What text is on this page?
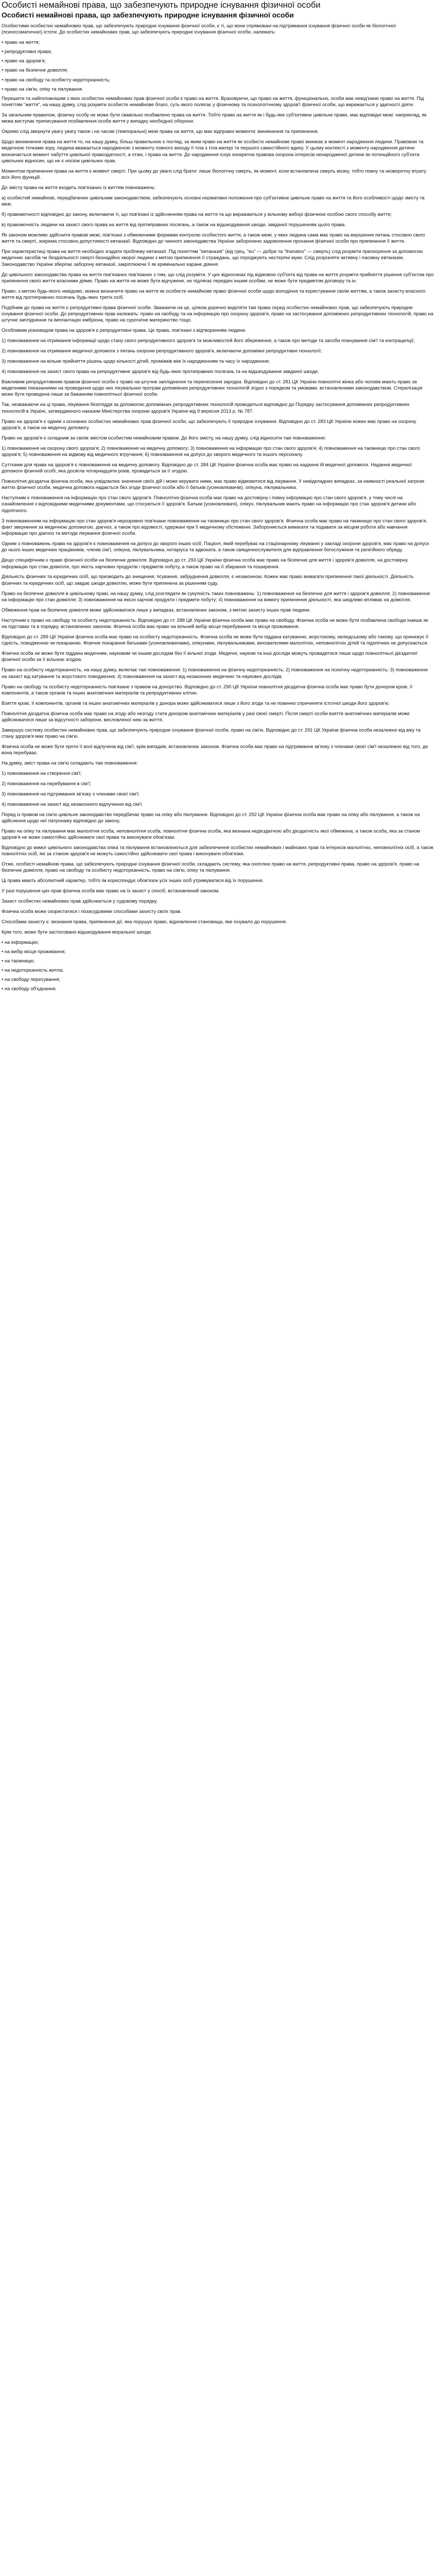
Особисті немайнові права, що забезпечують природне існування фізичної особи
Особисті немайнові права, що забезпечують природне існування фізичної особи

Особистими особистих немайнових прав, що забезпечують природне існування фізичної особи, є ті, що вони спрямовані на підтримання існування фізичної особи як біологічної (психосоматичної) істоти. До особистих немайнових прав, що забезпечують природне існування фізичної особи, належать:

• право на життя;

• репродуктивні права;

• право на здоров'я;

• право на безпечне довкілля;

• право на свободу та особисту недоторканність;

• право на сім'ю, опіку та піклування.

Перешити та найголовнішим з яких особистих немайнових прав фізичної особи є право на життя. Враховуючи, що право на життя, функціонально, особи має невід'ємне право на життя. Під поняттям "життя", на нашу думку, слід розуміти особисте немайнове благо, суть якого полягає у фізичному та психологічному здоров'ї фізичної особи, що виражається у здатності діяти.

За загальним правилом, фізичну особу не може бути свавільно позбавлено права на життя. Тобто право на життя як і будь-яке суб'єктивне цивільне право, має відповідні межі: наприклад, як межа виступає приписування позбавлення особи життя у випадку необхідної оборони.

Окремо слід звернути увагу увагу також і на часові (темпоральні) межі права на життя, що має відправні моменти: виникнення та припинення.

Щодо виникнення права на життя то, на нашу думку, більш правильною є погляд, за яким право на життя як особисте немайнове право виникає в момент народження людини. Правовою та медичною точками зору, людина вважається народженою з моменту повного виходу її тіла з тіла матері та першого самостійного вдиху. У цьому контексті з моменту народження дитини визначається момент набуття цивільної правоздатності, а отже, і права на життя. До народження існує конкретна правова охорона інтересів ненародженої дитини як потенційного суб'єкта цивільних відносин, що не є носієм цивільних прав.

Моментом припинення права на життя є момент смерті. При цьому до уваги слід брати: лише біологічну смерть, як момент, коли встановлена смерть мозку, тобто повну та незворотну втрату всіх його функцій.

До змісту права на життя входить пов'язаних із життям повноважень:

а) особистий немайнові, передбачених цивільним законодавством, забезпечують основні нормативні положення про суб'єктивне цивільне право на життя та його особливості щодо змісту та меж;

б) правомочності відповідно до закону, включаючи ті, що пов'язані із здійсненням права на життя та що виражаються у вільному виборі фізичною особою свого способу життя;

в) правомочність людини на захист свого права на життя від протиправних посягань, а також на відшкодування шкоди, завданої порушенням цього права.

Як законом можливо здійснити правові межі, пов'язані з обмеженими формами контролю особистого життя, а також межі, у яких людина сама має право на вирішення питань стосовно свого життя та смерті, зокрема стосовно допустимості евтаназії. Відповідно до чинного законодавства України заборонено задоволення прохання фізичної особи про припинення її життя.

При характеристиці права на життя необхідно згадати проблему евтаназії. Під поняттям "евтаназія" (від грец. "eu" — добре та "thanatos" — смерть) слід розуміти прискорення за допомогою медичних засобів чи бездіяльності смерті безнадійно хворої людини з метою припинення її страждань, що породжують нестерпні муки. Слід розрізняти активну і пасивну евтаназію. Законодавство України зберігає заборону евтаназії, закріплюючи її як кримінально каране діяння.

До цивільного законодавства права на життя пов'язаних пов'язаних з тим, що слід розуміти. У цих відносинах під відмовою суб'єкта від права на життя розуміти прийняття рішення суб'єктом про припинення свого життя власними діями. Право на життя не може бути відчужене, не підлягає передачі іншим особам, не може бути предметом договору та ін.

Право, з метою будь-якого невідомо, можна визначити право на життя як особисте немайнове право фізичної особи щодо володіння та користування своїм життям, а також захисту власного життя від протиправних посягань будь-яких третіх осіб.

Подібним до права на життя є репродуктивні права фізичної особи. Зважаючи на це, цілком доречно виділяти такі права серед особистих немайнових прав, що забезпечують природне існування фізичної особи. До репродуктивних прав належать: право на свободу та на інформацію про охорону здоров'я, право на застосування допоміжних репродуктивних технологій, право на штучне запліднення та імплантацію ембріона, право на сурогатне материнство тощо.

Особливим різновидом права на здоров'я є репродуктивні права. Це права, пов'язані з відтворенням людини.

1) повноваження на отримання інформації щодо стану свого репродуктивного здоров'я та можливостей його збереження, а також про методи та засоби планування сім'ї та контрацепції;

2) повноваження на отримання медичної допомоги з питань охорони репродуктивного здоров'я, включаючи допоміжні репродуктивні технології;

3) повноваження на вільне прийняття рішень щодо кількості дітей, проміжків між їх народженням та часу їх народження;

4) повноваження на захист свого права на репродуктивне здоров'я від будь-яких протиправних посягань та на відшкодування завданої шкоди.

Важливим репродуктивним правом фізичної особи є право на штучне запліднення та перенесення зародка. Відповідно до ст. 281 ЦК України повнолітні жінка або чоловік мають право за медичними показаннями на проведення щодо них лікувальних програм допоміжних репродуктивних технологій згідно з порядком та умовами, встановленими законодавством. Стерилізація може бути проведена лише за бажанням повнолітньої фізичної особи.

Так, незважаючи на ці права, лікування безпліддя за допомогою допоміжних репродуктивних технологій проводиться відповідно до Порядку застосування допоміжних репродуктивних технологій в Україні, затвердженого наказом Міністерства охорони здоров'я України від 9 вересня 2013 р. № 787.

Право на здоров'я є одним з основних особистих немайнових прав фізичної особи, що забезпечують її природне існування. Відповідно до ст. 283 ЦК України кожен має право на охорону здоров'я, а також на медичну допомогу.

Право на здоров'я є складним за своїм змістом особистим немайновим правом. До його змісту, на нашу думку, слід відносити такі повноваження:

1) повноваження на охорону свого здоров'я; 2) повноваження на медичну допомогу; 3) повноваження на інформацію про стан свого здоров'я; 4) повноваження на таємницю про стан свого здоров'я; 5) повноваження на відмову від медичного втручання; 6) повноваження на допуск до хворого медичного та іншого персоналу.

Суттєвим для права на здоров'я є повноваження на медичну допомогу. Відповідно до ст. 284 ЦК України фізична особа має право на надання їй медичної допомоги. Надання медичної допомоги фізичній особі, яка досягла чотирнадцяти років, провадиться за її згодою.

Повнолітня дієздатна фізична особа, яка усвідомлює значення своїх дій і може керувати ними, має право відмовитися від лікування. У невідкладних випадках, за наявності реальної загрози життю фізичної особи, медична допомога надається без згоди фізичної особи або її батьків (усиновлювачів), опікуна, піклувальника.

Наступним є повноваження на інформацію про стан свого здоров'я. Повнолітня фізична особа має право на достовірну і повну інформацію про стан свого здоров'я, у тому числі на ознайомлення з відповідними медичними документами, що стосуються її здоров'я. Батьки (усиновлювачі), опікун, піклувальник мають право на інформацію про стан здоров'я дитини або підопічного.

З повноваженням на інформацію про стан здоров'я нерозривно пов'язане повноваження на таємницю про стан свого здоров'я. Фізична особа має право на таємницю про стан свого здоров'я, факт звернення за медичною допомогою, діагноз, а також про відомості, одержані при її медичному обстеженні. Забороняється вимагати та подавати за місцем роботи або навчання інформацію про діагноз та методи лікування фізичної особи.

Одним з повноважень права на здоров'я є повноваження на допуск до хворого інших осіб. Пацієнт, який перебуває на стаціонарному лікуванні у закладі охорони здоров'я, має право на допуск до нього інших медичних працівників, членів сім'ї, опікуна, піклувальника, нотаріуса та адвоката, а також священнослужителя для відправлення богослужіння та релігійного обряду.

Дещо специфічним є право фізичної особи на безпечне довкілля. Відповідно до ст. 293 ЦК України фізична особа має право на безпечне для життя і здоров'я довкілля, на достовірну інформацію про стан довкілля, про якість харчових продуктів і предметів побуту, а також право на її збирання та поширення.

Діяльність фізичних та юридичних осіб, що призводить до знищення, псування, забруднення довкілля, є незаконною. Кожен має право вимагати припинення такої діяльності. Діяльність фізичних та юридичних осіб, що завдає шкоди довкіллю, може бути припинена за рішенням суду.

Право на безпечне довкілля в цивільному праві, на нашу думку, слід розглядати як сукупність таких повноважень: 1) повноваження на безпечне для життя і здоров'я довкілля; 2) повноваження на інформацію про стан довкілля; 3) повноваження на якісні харчові продукти і предмети побуту; 4) повноваження на вимогу припинення діяльності, яка шкідливо впливає на довкілля.

Обмеження прав на безпечне довкілля може здійснюватися лише у випадках, встановлених законом, з метою захисту інших прав людини.

Наступним є право на свободу та особисту недоторканність. Відповідно до ст. 288 ЦК України фізична особа має право на свободу. Фізична особа не може бути позбавлена свободи інакше як на підставах та в порядку, встановлених законом. Фізична особа має право на вільний вибір місця перебування та місця проживання.

Відповідно до ст. 289 ЦК України фізична особа має право на особисту недоторканність. Фізична особа не може бути піддана катуванню, жорстокому, нелюдському або такому, що принижує її гідність, поводженню чи покаранню. Фізичне покарання батьками (усиновлювачами), опікунами, піклувальниками, вихователями малолітніх, неповнолітніх дітей та підопічних не допускається.

Фізична особа не може бути піддана медичним, науковим чи іншим дослідам без її вільної згоди. Медичні, наукові та інші досліди можуть провадитися лише щодо повнолітньої дієздатної фізичної особи за її вільною згодою.

Право на особисту недоторканність, на нашу думку, включає такі повноваження: 1) повноваження на фізичну недоторканність; 2) повноваження на психічну недоторканність; 3) повноваження на захист від катування та жорстокого поводження; 4) повноваження на захист від незаконних медичних та наукових дослідів.

Право на свободу та особисту недоторканність пов'язане з правом на донорство. Відповідно до ст. 290 ЦК України повнолітня дієздатна фізична особа має право бути донором крові, її компонентів, а також органів та інших анатомічних матеріалів та репродуктивних клітин.

Взяття крові, її компонентів, органів та інших анатомічних матеріалів у донора може здійснюватися лише з його згоди та не повинно спричиняти істотної шкоди його здоров'ю.

Повнолітня дієздатна фізична особа має право на згоду або незгоду стати донором анатомічних матеріалів у разі своєї смерті. Після смерті особи взяття анатомічних матеріалів може здійснюватися лише за відсутності заборони, висловленої нею за життя.

Завершує систему особистих немайнових прав, що забезпечують природне існування фізичної особи, право на сім'ю. Відповідно до ст. 291 ЦК України фізична особа незалежно від віку та стану здоров'я має право на сім'ю.

Фізична особа не може бути проти її волі відлучена від сім'ї, крім випадків, встановлених законом. Фізична особа має право на підтримання зв'язку з членами своєї сім'ї незалежно від того, де вона перебуває.

На думку, зміст права на сім'ю складають такі повноваження:

1) повноваження на створення сім'ї;

2) повноваження на перебування в сім'ї;

3) повноваження на підтримання зв'язку з членами своєї сім'ї;

4) повноваження на захист від незаконного відлучення від сім'ї.

Поряд із правом на сім'ю цивільне законодавство передбачає право на опіку або піклування. Відповідно до ст. 292 ЦК України фізична особа має право на опіку або піклування, а також на здійснення щодо неї патронажу відповідно до закону.

Право на опіку та піклування має малолітня особа, неповнолітня особа, повнолітня фізична особа, яка визнана недієздатною або дієздатність якої обмежена, а також особа, яка за станом здоров'я не може самостійно здійснювати свої права та виконувати обов'язки.

Відповідно до вимог цивільного законодавства опіка та піклування встановлюються для забезпечення особистих немайнових і майнових прав та інтересів малолітніх, неповнолітніх осіб, а також повнолітніх осіб, які за станом здоров'я не можуть самостійно здійснювати свої права і виконувати обов'язки.

Отже, особисті немайнові права, що забезпечують природне існування фізичної особи, складають систему, яка охоплює право на життя, репродуктивні права, право на здоров'я, право на безпечне довкілля, право на свободу та особисту недоторканність, право на сім'ю, опіку та піклування.

Ці права мають абсолютний характер, тобто їм кореспондує обов'язок усіх інших осіб утримуватися від їх порушення.

У разі порушення цих прав фізична особа має право на їх захист у спосіб, встановлений законом.

Захист особистих немайнових прав здійснюється у судовому порядку.

Фізична особа може скористатися і позасудовими способами захисту своїх прав.

Способами захисту є: визнання права, припинення дії, яка порушує право, відновлення становища, яке існувало до порушення.

Крім того, може бути застосовано відшкодування моральної шкоди.

• на інформацію;

• на вибір місця проживання;

• на таємницю;

• на недоторканність житла;

• на свободу пересування;

• на свободу об'єднання.
